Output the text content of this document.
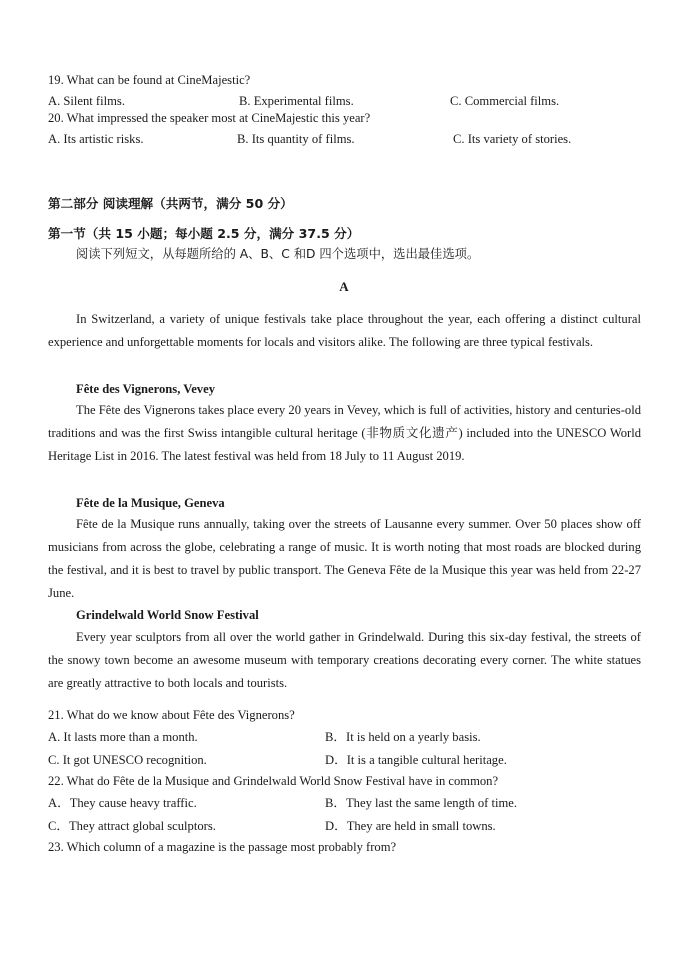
19. What can be found at CineMajestic?
A. Silent films.	B. Experimental films.	C. Commercial films.
20. What impressed the speaker most at CineMajestic this year?
A. Its artistic risks.	B. Its quantity of films.	C. Its variety of stories.
第二部分 阅读理解（共两节，满分 50 分）
第一节（共 15 小题；每小题 2.5 分，满分 37.5 分）
阅读下列短文，从每题所给的 A、B、C 和D 四个选项中，选出最佳选项。
A

In Switzerland, a variety of unique festivals take place throughout the year, each offering a distinct cultural experience and unforgettable moments for locals and visitors alike. The following are three typical festivals.

Fête des Vignerons, Vevey

The Fête des Vignerons takes place every 20 years in Vevey, which is full of activities, history and centuries-old traditions and was the first Swiss intangible cultural heritage (非物质文化遗产) included into the UNESCO World Heritage List in 2016. The latest festival was held from 18 July to 11 August 2019.

Fête de la Musique, Geneva

Fête de la Musique runs annually, taking over the streets of Lausanne every summer. Over 50 places show off musicians from across the globe, celebrating a range of music. It is worth noting that most roads are blocked during the festival, and it is best to travel by public transport. The Geneva Fête de la Musique this year was held from 22-27 June.

Grindelwald World Snow Festival

Every year sculptors from all over the world gather in Grindelwald. During this six-day festival, the streets of the snowy town become an awesome museum with temporary creations decorating every corner. The white statues are greatly attractive to both locals and tourists.

21. What do we know about Fête des Vignerons?
A. It lasts more than a month.	B．It is held on a yearly basis.
C. It got UNESCO recognition.	D．It is a tangible cultural heritage.
22. What do Fête de la Musique and Grindelwald World Snow Festival have in common?
A．They cause heavy traffic.	B．They last the same length of time.
C．They attract global sculptors.	D．They are held in small towns.
23. Which column of a magazine is the passage most probably from?
